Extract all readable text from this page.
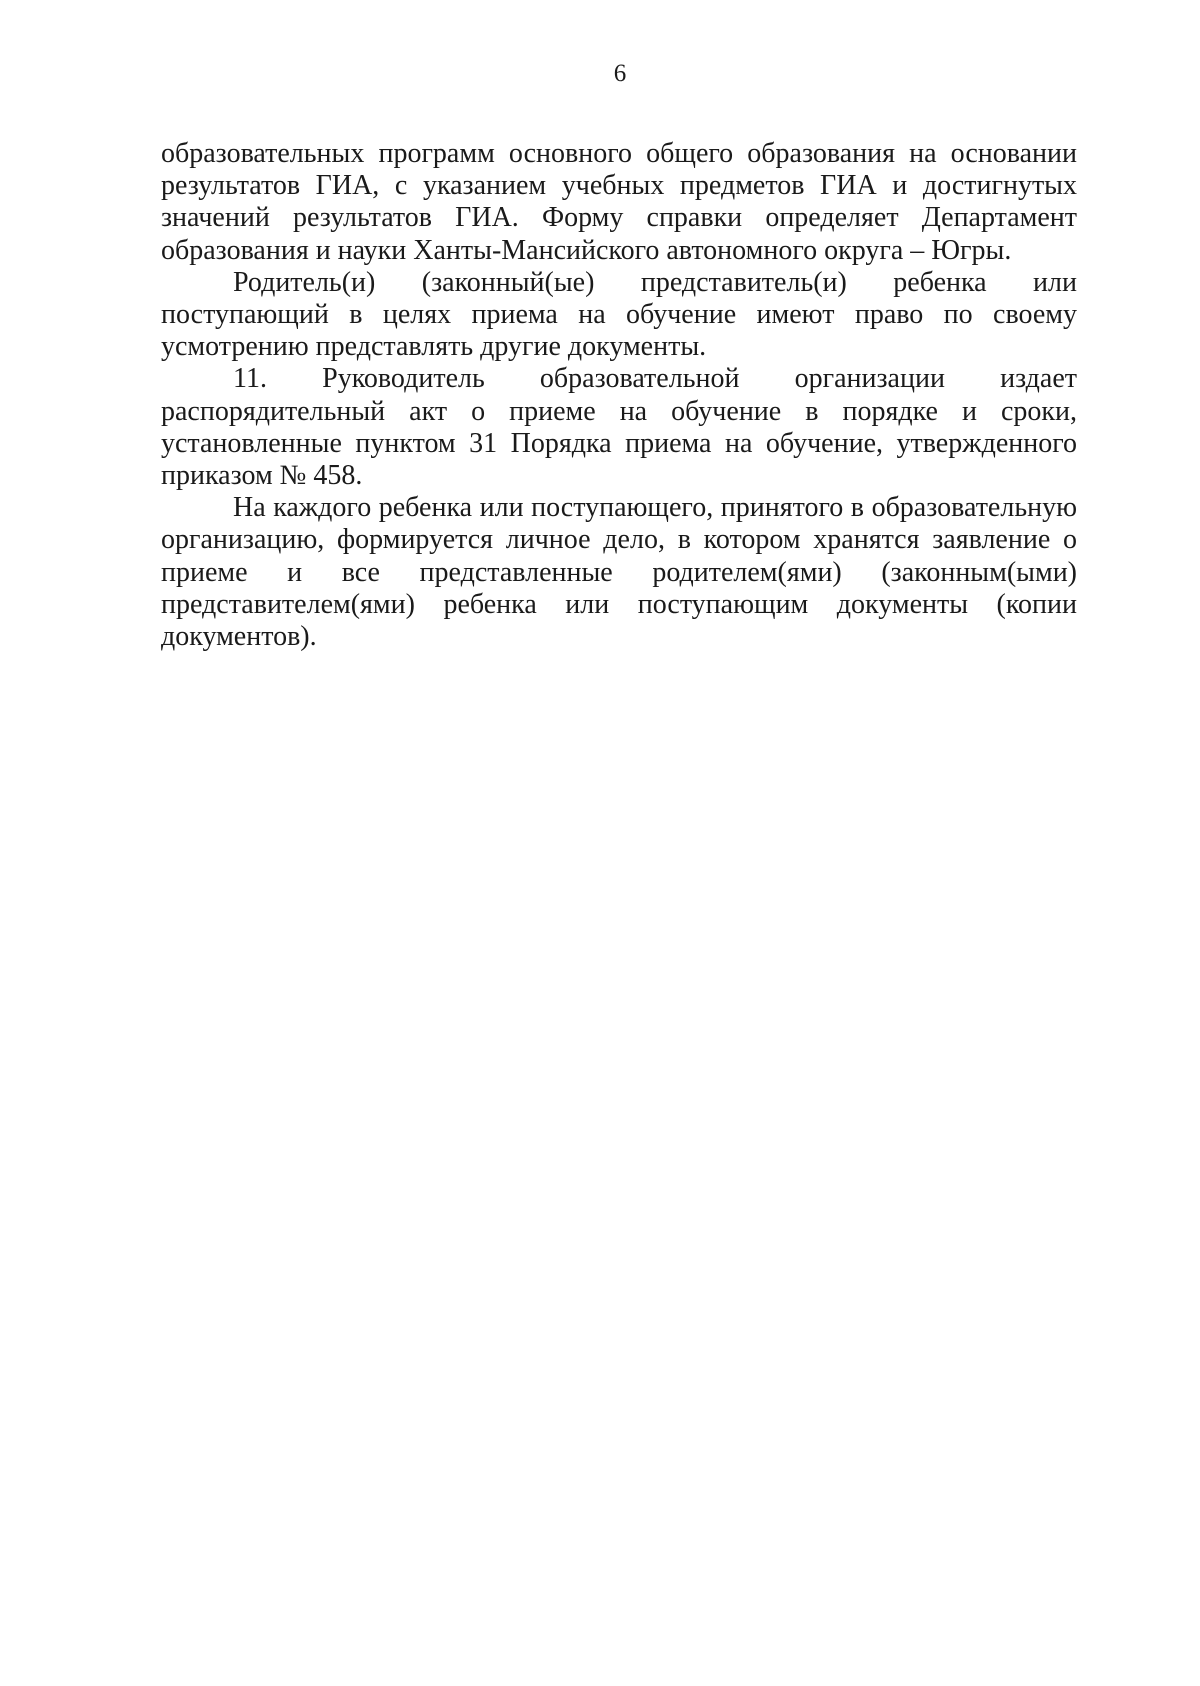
6

образовательных программ основного общего образования на основании результатов ГИА, с указанием учебных предметов ГИА и достигнутых значений результатов ГИА. Форму справки определяет Департамент образования и науки Ханты-Мансийского автономного округа – Югры.

Родитель(и) (законный(ые) представитель(и) ребенка или поступающий в целях приема на обучение имеют право по своему усмотрению представлять другие документы.

11. Руководитель образовательной организации издает распорядительный акт о приеме на обучение в порядке и сроки, установленные пунктом 31 Порядка приема на обучение, утвержденного приказом № 458.

На каждого ребенка или поступающего, принятого в образовательную организацию, формируется личное дело, в котором хранятся заявление о приеме и все представленные родителем(ями) (законным(ыми) представителем(ями) ребенка или поступающим документы (копии документов).
